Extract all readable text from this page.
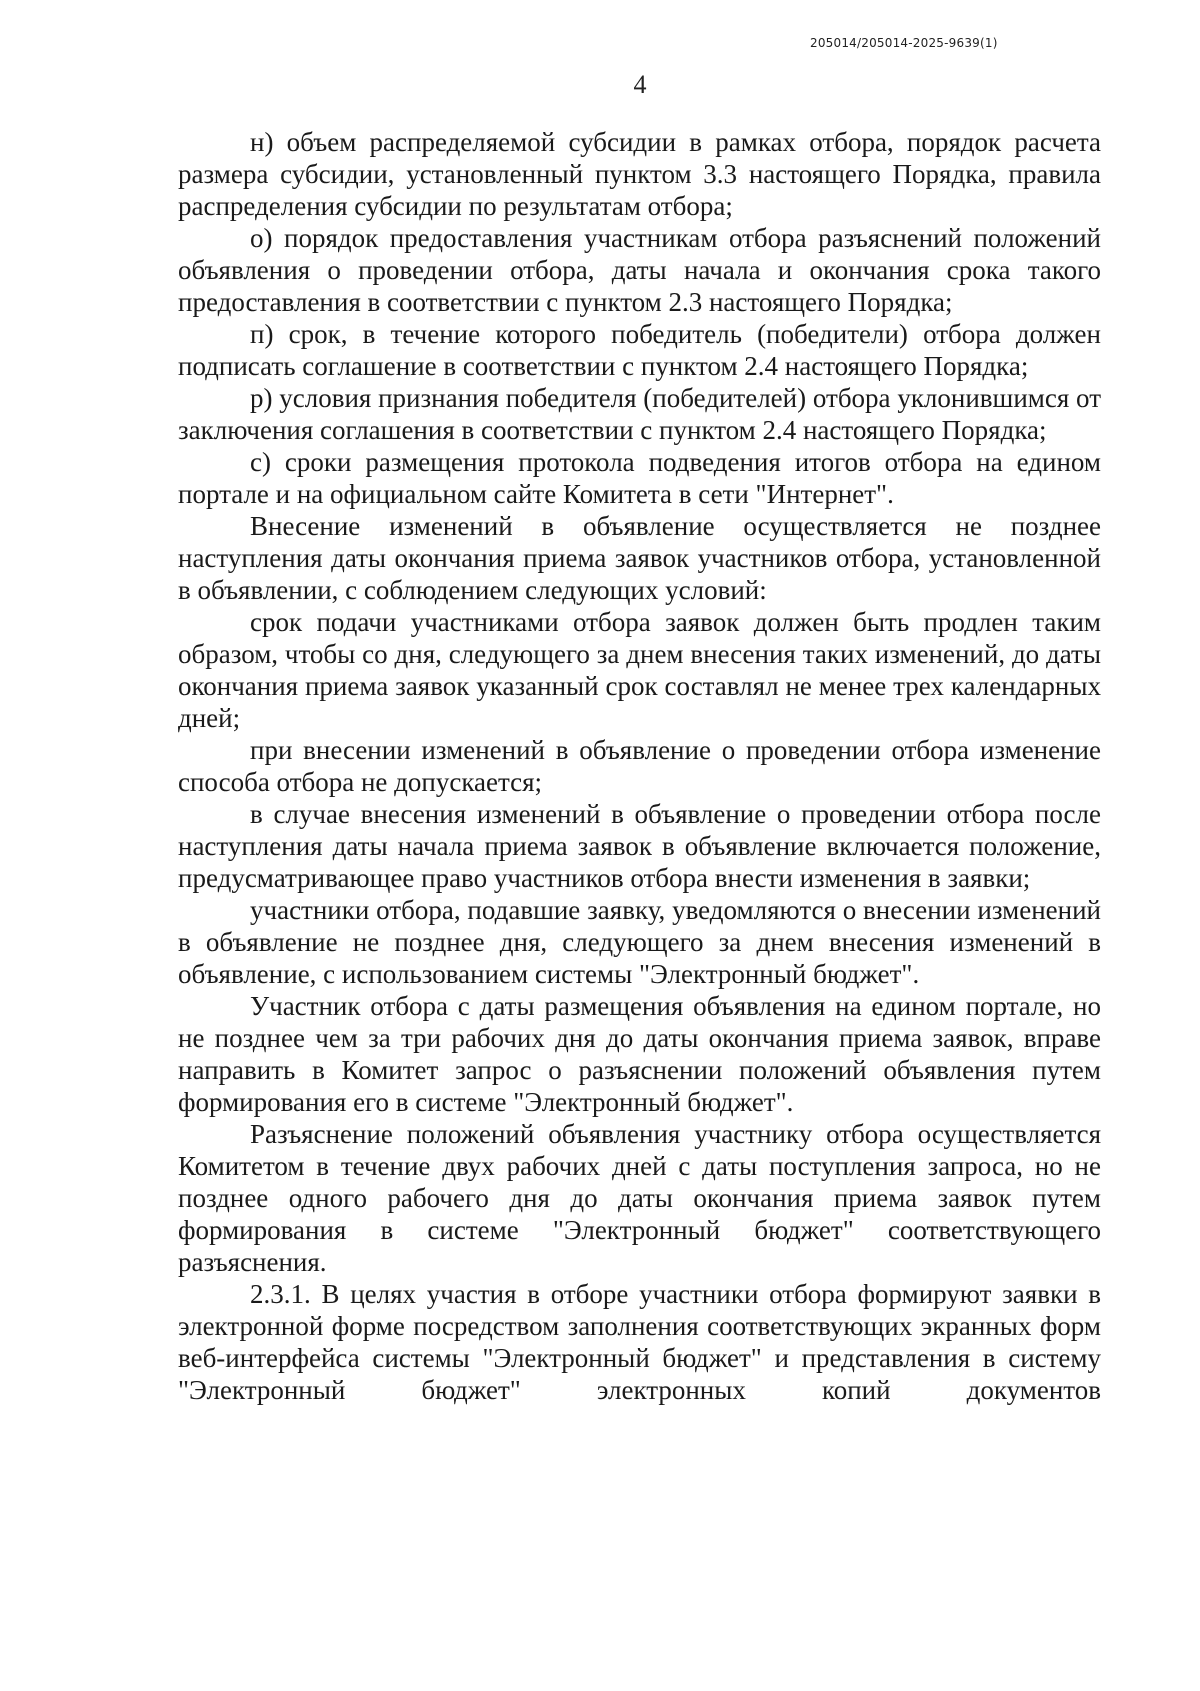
205014/205014-2025-9639(1)
4

н) объем распределяемой субсидии в рамках отбора, порядок расчета размера субсидии, установленный пунктом 3.3 настоящего Порядка, правила распределения субсидии по результатам отбора;

о) порядок предоставления участникам отбора разъяснений положений объявления о проведении отбора, даты начала и окончания срока такого предоставления в соответствии с пунктом 2.3 настоящего Порядка;

п) срок, в течение которого победитель (победители) отбора должен подписать соглашение в соответствии с пунктом 2.4 настоящего Порядка;

р) условия признания победителя (победителей) отбора уклонившимся от заключения соглашения в соответствии с пунктом 2.4 настоящего Порядка;

с) сроки размещения протокола подведения итогов отбора на едином портале и на официальном сайте Комитета в сети "Интернет".

Внесение изменений в объявление осуществляется не позднее наступления даты окончания приема заявок участников отбора, установленной в объявлении, с соблюдением следующих условий:

срок подачи участниками отбора заявок должен быть продлен таким образом, чтобы со дня, следующего за днем внесения таких изменений, до даты окончания приема заявок указанный срок составлял не менее трех календарных дней;

при внесении изменений в объявление о проведении отбора изменение способа отбора не допускается;

в случае внесения изменений в объявление о проведении отбора после наступления даты начала приема заявок в объявление включается положение, предусматривающее право участников отбора внести изменения в заявки;

участники отбора, подавшие заявку, уведомляются о внесении изменений в объявление не позднее дня, следующего за днем внесения изменений в объявление, с использованием системы "Электронный бюджет".

Участник отбора с даты размещения объявления на едином портале, но не позднее чем за три рабочих дня до даты окончания приема заявок, вправе направить в Комитет запрос о разъяснении положений объявления путем формирования его в системе "Электронный бюджет".

Разъяснение положений объявления участнику отбора осуществляется Комитетом в течение двух рабочих дней с даты поступления запроса, но не позднее одного рабочего дня до даты окончания приема заявок путем формирования в системе "Электронный бюджет" соответствующего разъяснения.

2.3.1. В целях участия в отборе участники отбора формируют заявки в электронной форме посредством заполнения соответствующих экранных форм веб-интерфейса системы "Электронный бюджет" и представления в систему "Электронный бюджет" электронных копий документов
